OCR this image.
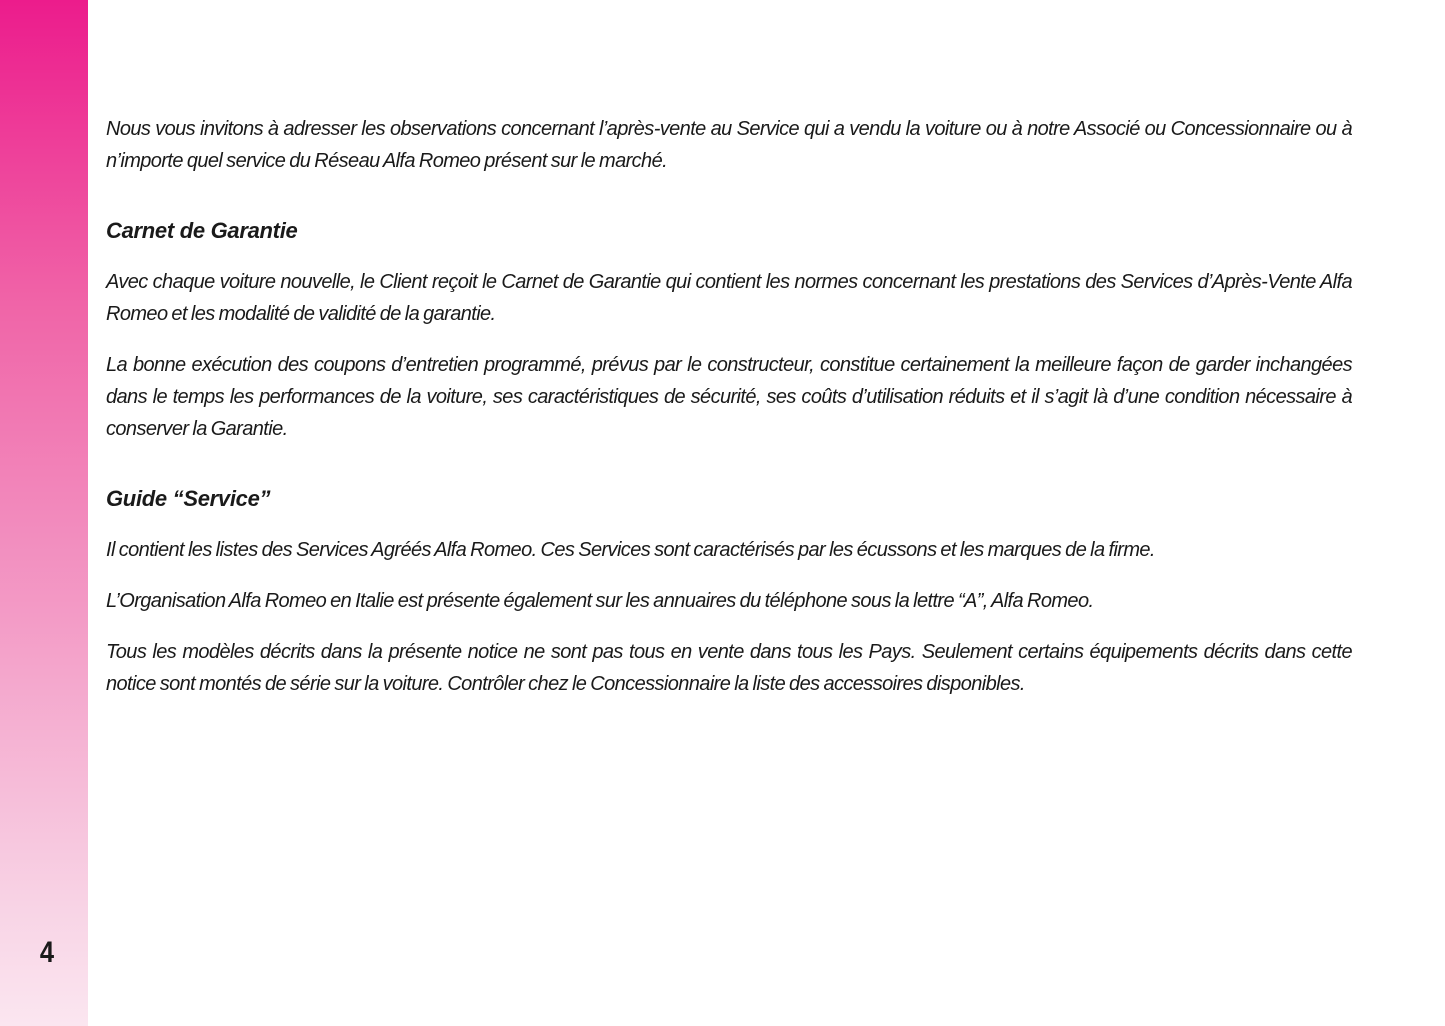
4

Nous vous invitons à adresser les observations concernant l’après-vente au Service qui a vendu la voiture ou à notre Associé ou Concessionnaire ou à n’importe quel service du Réseau Alfa Romeo présent sur le marché.

Carnet de Garantie

Avec chaque voiture nouvelle, le Client reçoit le Carnet de Garantie qui contient les normes concernant les prestations des Services d’Après-Vente Alfa Romeo et les modalité de validité de la garantie.

La bonne exécution des coupons d’entretien programmé, prévus par le constructeur, constitue certainement la meilleure façon de garder inchangées dans le temps les performances de la voiture, ses caractéristiques de sécurité, ses coûts d’utilisation réduits et il s’agit là d’une condition nécessaire à conserver la Garantie.

Guide “Service”

Il contient les listes des Services Agréés Alfa Romeo. Ces Services sont caractérisés par les écussons et les marques de la firme.

L’Organisation Alfa Romeo en Italie est présente également sur les annuaires du téléphone sous la lettre “A”, Alfa Romeo.

Tous les modèles décrits dans la présente notice ne sont pas tous en vente dans tous les Pays. Seulement certains équipements décrits dans cette notice sont montés de série sur la voiture. Contrôler chez le Concessionnaire la liste des accessoires disponibles.
